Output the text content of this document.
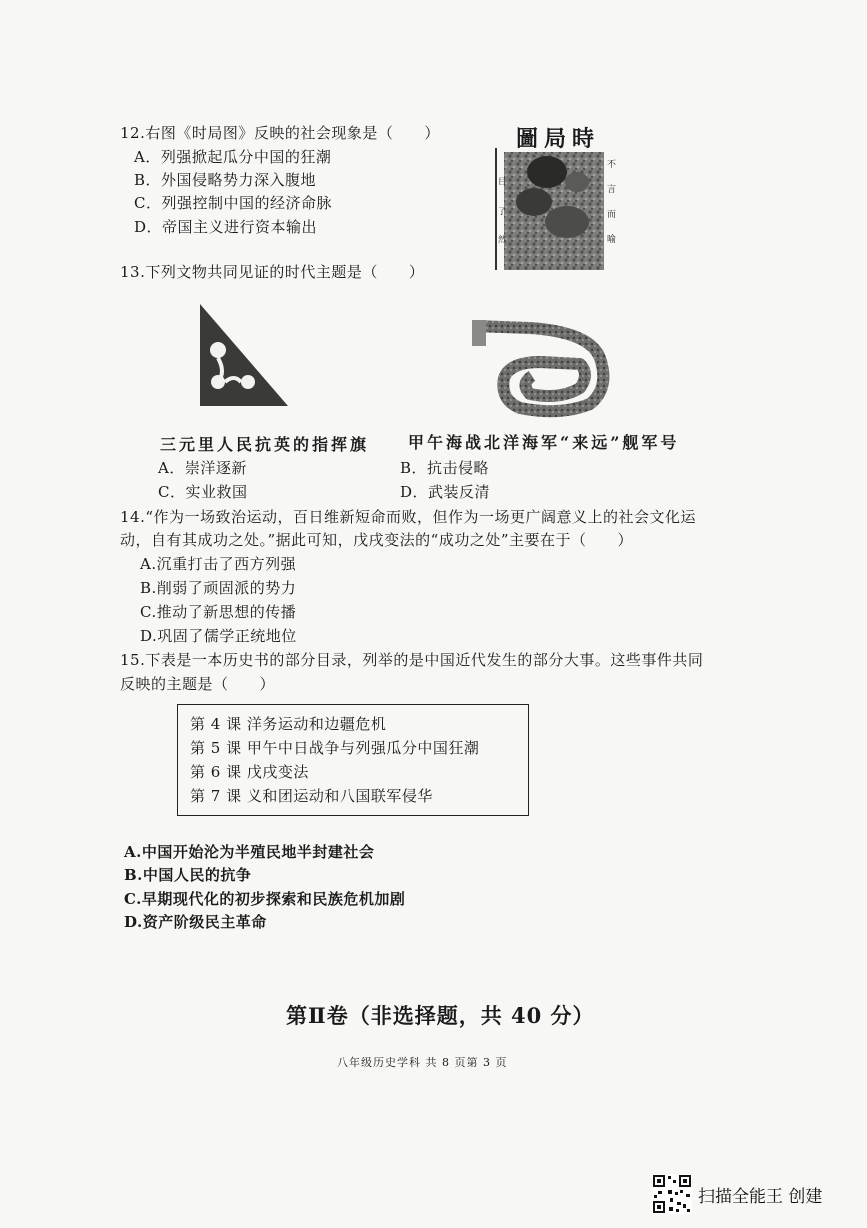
12.右图《时局图》反映的社会现象是（　　）
A．列强掀起瓜分中国的狂潮
B．外国侵略势力深入腹地
C．列强控制中国的经济命脉
D．帝国主义进行资本输出
圖局時
不
言
而
喻
目
了
然
13.下列文物共同见证的时代主题是（　　）
三元里人民抗英的指挥旗 甲午海战北洋海军“来远”舰军号
A．崇洋逐新	B．抗击侵略
C．实业救国	D．武装反清
14.“作为一场致治运动，百日维新短命而败，但作为一场更广阔意义上的社会文化运
动，自有其成功之处。”据此可知，戊戌变法的“成功之处”主要在于（　　）
A.沉重打击了西方列强
B.削弱了顽固派的势力
C.推动了新思想的传播
D.巩固了儒学正统地位
15.下表是一本历史书的部分目录，列举的是中国近代发生的部分大事。这些事件共同
反映的主题是（　　）
第 4 课 洋务运动和边疆危机
第 5 课 甲午中日战争与列强瓜分中国狂潮
第 6 课 戊戌变法
第 7 课 义和团运动和八国联军侵华
A.中国开始沦为半殖民地半封建社会
B.中国人民的抗争
C.早期现代化的初步探索和民族危机加剧
D.资产阶级民主革命
第Ⅱ卷（非选择题，共 40 分）
八年级历史学科 共 8 页第 3 页
扫描全能王 创建
